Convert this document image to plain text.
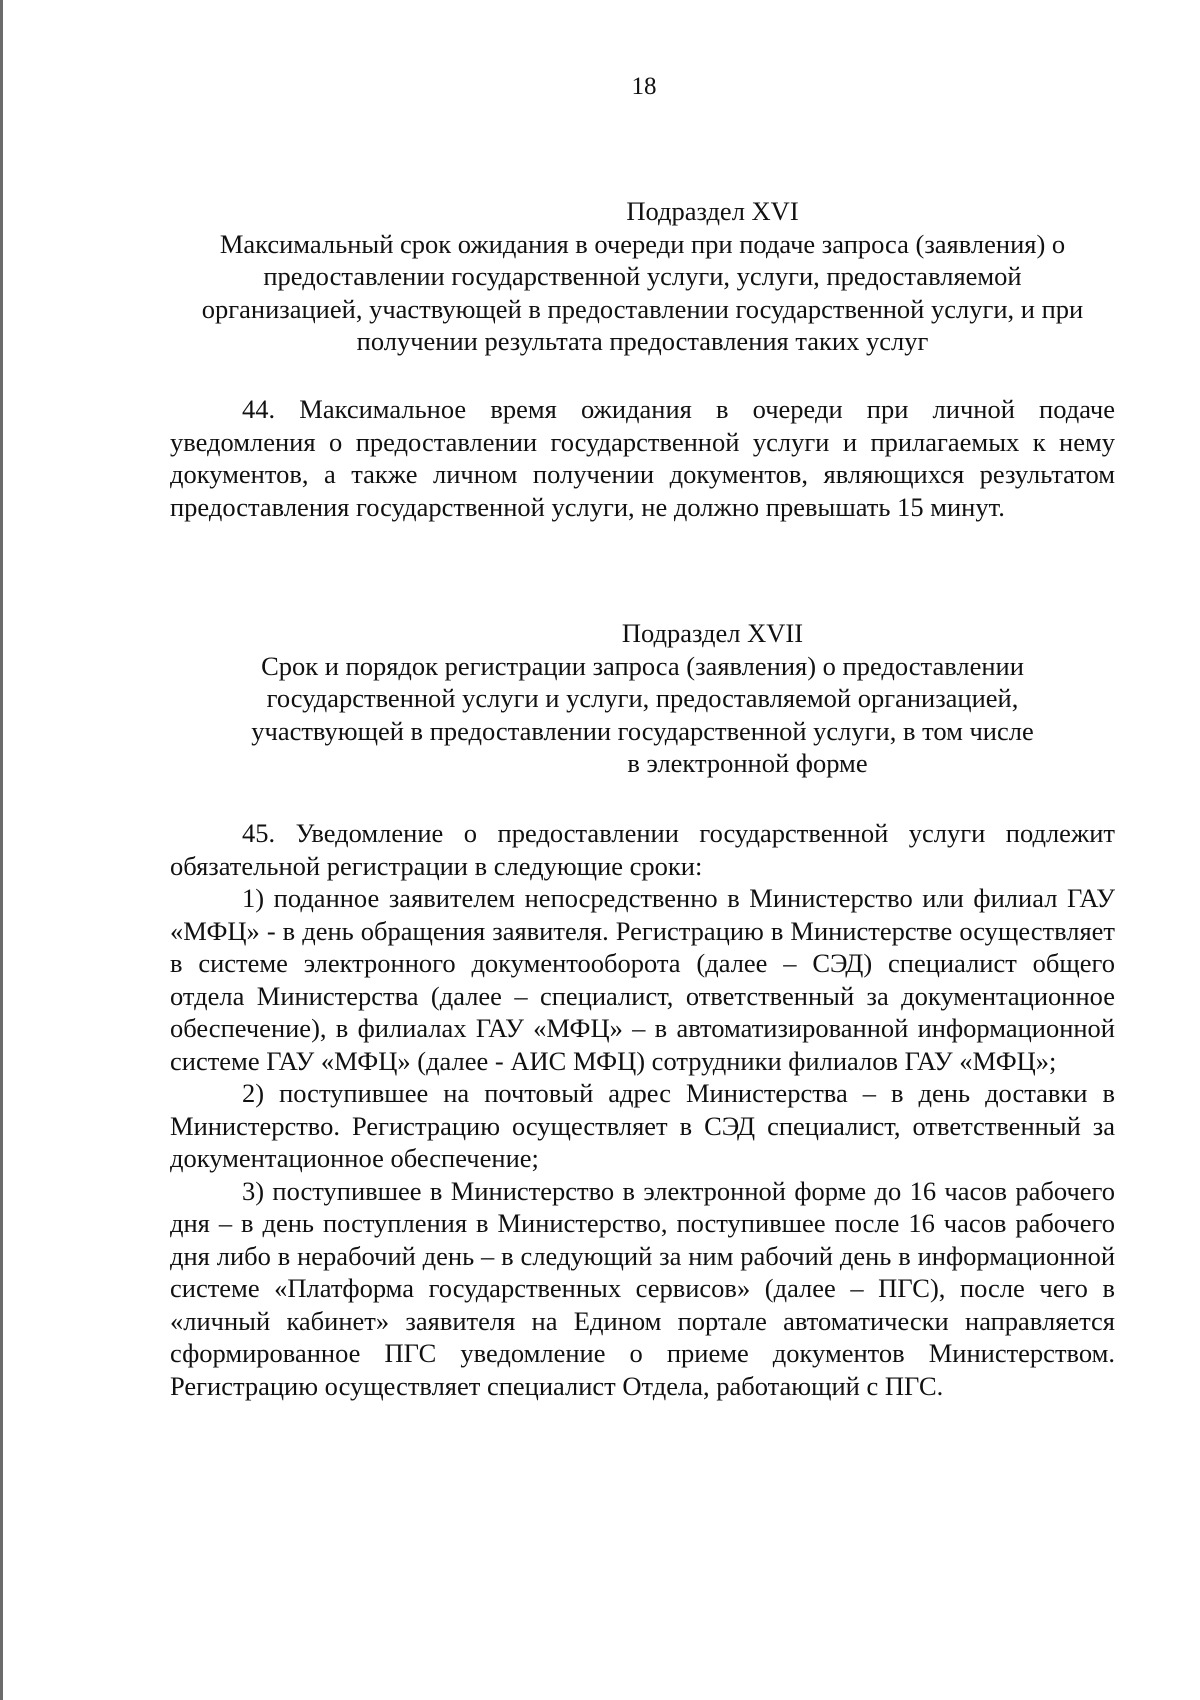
18
Подраздел XVI
Максимальный срок ожидания в очереди при подаче запроса (заявления) о
предоставлении государственной услуги, услуги, предоставляемой
организацией, участвующей в предоставлении государственной услуги, и при
получении результата предоставления таких услуг

44. Максимальное время ожидания в очереди при личной подаче уведомления о предоставлении государственной услуги и прилагаемых к нему документов, а также личном получении документов, являющихся результатом предоставления государственной услуги, не должно превышать 15 минут.

Подраздел XVII
Срок и порядок регистрации запроса (заявления) о предоставлении
государственной услуги и услуги, предоставляемой организацией,
участвующей в предоставлении государственной услуги, в том числе
в электронной форме

45. Уведомление о предоставлении государственной услуги подлежит обязательной регистрации в следующие сроки:

1) поданное заявителем непосредственно в Министерство или филиал ГАУ «МФЦ» - в день обращения заявителя. Регистрацию в Министерстве осуществляет в системе электронного документооборота (далее – СЭД) специалист общего отдела Министерства (далее – специалист, ответственный за документационное обеспечение), в филиалах ГАУ «МФЦ» – в автоматизированной информационной системе ГАУ «МФЦ» (далее - АИС МФЦ) сотрудники филиалов ГАУ «МФЦ»;

2) поступившее на почтовый адрес Министерства – в день доставки в Министерство. Регистрацию осуществляет в СЭД специалист, ответственный за документационное обеспечение;

3) поступившее в Министерство в электронной форме до 16 часов рабочего дня – в день поступления в Министерство, поступившее после 16 часов рабочего дня либо в нерабочий день – в следующий за ним рабочий день в информационной системе «Платформа государственных сервисов» (далее – ПГС), после чего в «личный кабинет» заявителя на Едином портале автоматически направляется сформированное ПГС уведомление о приеме документов Министерством. Регистрацию осуществляет специалист Отдела, работающий с ПГС.
